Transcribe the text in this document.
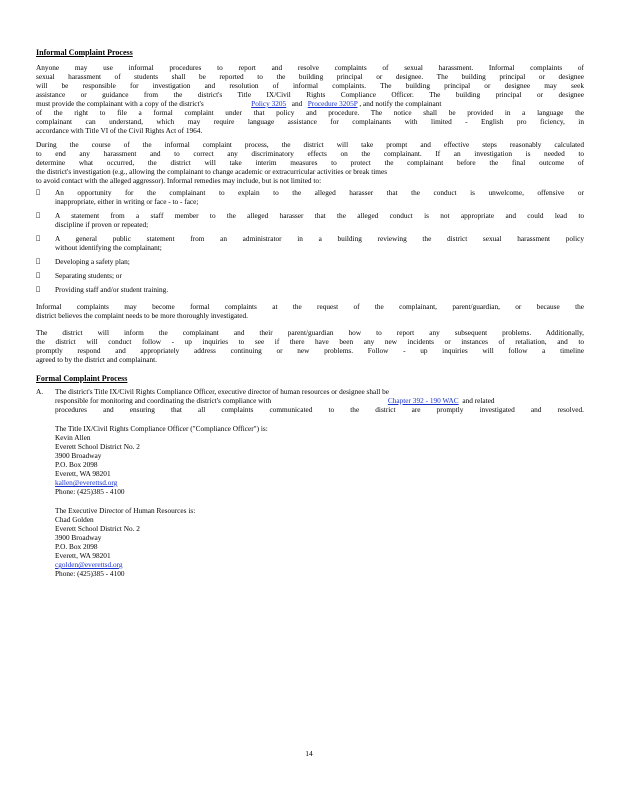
Informal Complaint Process
Anyone may use informal procedures to report and resolve complaints of sexual harassment. Informal complaints of
sexual harassment of students shall be reported to the building principal or designee. The building principal or designee
will be responsible for investigation and resolution of informal complaints. The building principal or designee may seek
assistance or guidance from the district's Title IX/Civil Rights Compliance Officer. The building principal or designee
must provide the complainant with a copy of the district's	Policy 3205 and Procedure 3205P , and notify the complainant
of the right to file a formal complaint under that policy and procedure. The notice shall be provided in a language the
complainant can understand, which may require language assistance for complainants with limited - English pro ficiency, in
accordance with Title VI of the Civil Rights Act of 1964.
During the course of the informal complaint process, the district will take prompt and effective steps reasonably calculated
to end any harassment and to correct any discriminatory effects on the complainant. If an investigation is needed to
determine what occurred, the district will take interim measures to protect the complainant before the final outcome of
the district's investigation (e.g., allowing the complainant to change academic or extracurricular activities or break times
to avoid contact with the alleged aggressor). Informal remedies may include, but is not limited to:
An opportunity for the complainant to explain to the alleged harasser that the conduct is unwelcome, offensive or
inappropriate, either in writing or face - to - face;
A statement from a staff member to the alleged harasser that the alleged conduct is not appropriate and could lead to
discipline if proven or repeated;
A general public statement from an administrator in a building reviewing the district sexual harassment policy
without identifying the complainant;
Developing a safety plan;
Separating students; or
Providing staff and/or student training.
Informal complaints may become formal complaints at the request of the complainant, parent/guardian, or because the
district believes the complaint needs to be more thoroughly investigated.
The district will inform the complainant and their parent/guardian how to report any subsequent problems. Additionally,
the district will conduct follow - up inquiries to see if there have been any new incidents or instances of retaliation, and to
promptly respond and appropriately address continuing or new problems. Follow - up inquiries will follow a timeline
agreed to by the district and complainant.
Formal Complaint Process
A. The district's Title IX/Civil Rights Compliance Officer, executive director of human resources or designee shall be
responsible for monitoring and coordinating the district's compliance with	Chapter 392 - 190 WAC and related
procedures and ensuring that all complaints communicated to the district are promptly investigated and resolved.
The Title IX/Civil Rights Compliance Officer ("Compliance Officer") is:
Kevin Allen
Everett School District No. 2
3900 Broadway
P.O. Box 2098
Everett, WA 98201
kallen@everettsd.org
Phone: (425)385 - 4100
The Executive Director of Human Resources is:
Chad Golden
Everett School District No. 2
3900 Broadway
P.O. Box 2098
Everett, WA 98201
cgolden@everettsd.org
Phone: (425)385 - 4100
14
